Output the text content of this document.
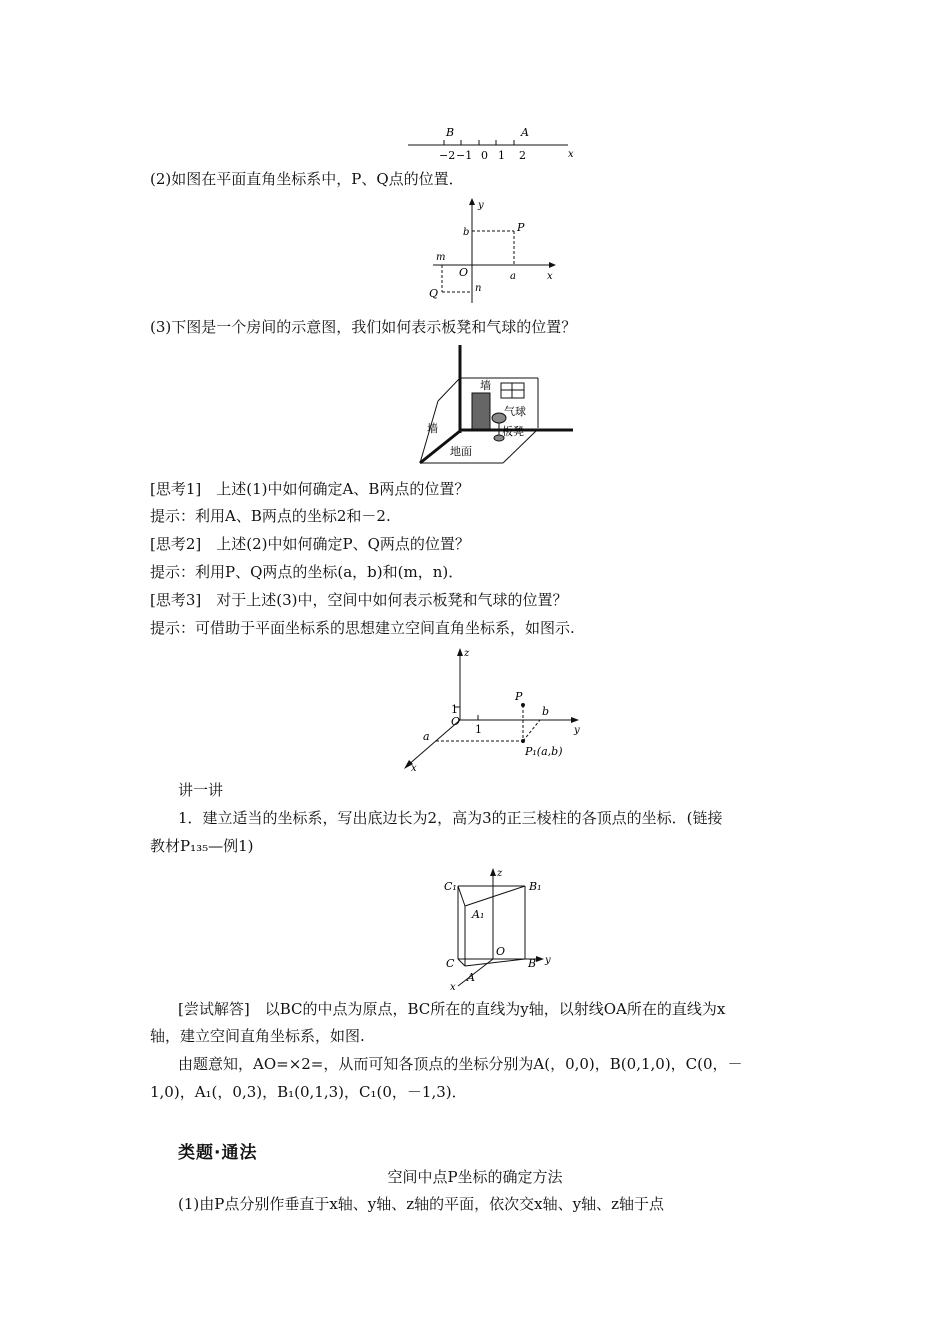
B	A
−2 −1 0 1 2	x
(2)如图在平面直角坐标系中，P、Q点的位置．
y
x
O
b	P
a
m
Q	n
(3)下图是一个房间的示意图，我们如何表示板凳和气球的位置？
墙
墙
气球
板凳
地面
[思考1]　上述(1)中如何确定A、B两点的位置？
提示：利用A、B两点的坐标2和－2.
[思考2]　上述(2)中如何确定P、Q两点的位置？
提示：利用P、Q两点的坐标(a，b)和(m，n)．
[思考3]　对于上述(3)中，空间中如何表示板凳和气球的位置？
提示：可借助于平面坐标系的思想建立空间直角坐标系，如图示.
z
y
x
O
1
1
P
b
a
P₁(a,b)
讲一讲
1．建立适当的坐标系，写出底边长为2，高为3的正三棱柱的各顶点的坐标．(链接
教材P₁₃₅—例1)
C₁	B₁
A₁
z
O
C	B y
A
x
[尝试解答]　以BC的中点为原点，BC所在的直线为y轴，以射线OA所在的直线为x
轴，建立空间直角坐标系，如图.
由题意知，AO=×2=，从而可知各顶点的坐标分别为A(，0,0)，B(0,1,0)，C(0，－
1,0)，A₁(，0,3)，B₁(0,1,3)，C₁(0，－1,3)．
类题·通法
空间中点P坐标的确定方法
(1)由P点分别作垂直于x轴、y轴、z轴的平面，依次交x轴、y轴、z轴于点
